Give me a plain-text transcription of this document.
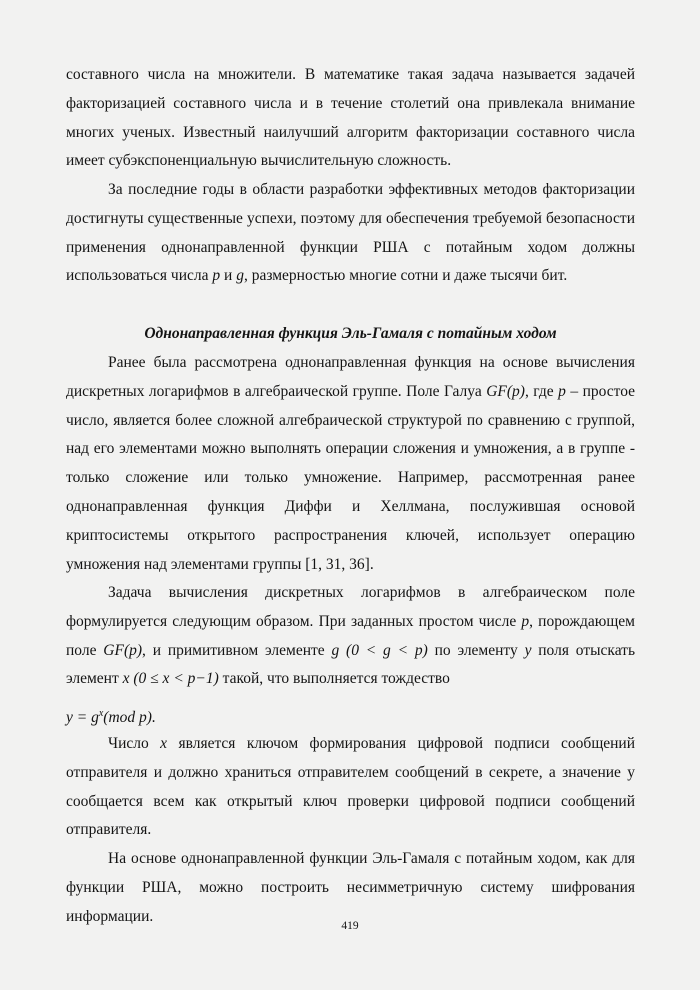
составного числа на множители. В математике такая задача называется задачей факторизацией составного числа и в течение столетий она привлекала внимание многих ученых. Известный наилучший алгоритм факторизации составного числа имеет субэкспоненциальную вычислительную сложность.

За последние годы в области разработки эффективных методов факторизации достигнуты существенные успехи, поэтому для обеспечения требуемой безопасности применения однонаправленной функции РША с потайным ходом должны использоваться числа p и g, размерностью многие сотни и даже тысячи бит.

Однонаправленная функция Эль-Гамаля с потайным ходом

Ранее была рассмотрена однонаправленная функция на основе вычисления дискретных логарифмов в алгебраической группе. Поле Галуа GF(p), где p – простое число, является более сложной алгебраической структурой по сравнению с группой, над его элементами можно выполнять операции сложения и умножения, а в группе - только сложение или только умножение. Например, рассмотренная ранее однонаправленная функция Диффи и Хеллмана, послужившая основой криптосистемы открытого распространения ключей, использует операцию умножения над элементами группы [1, 31, 36].

Задача вычисления дискретных логарифмов в алгебраическом поле формулируется следующим образом. При заданных простом числе p, порождающем поле GF(p), и примитивном элементе g (0 < g < p) по элементу y поля отыскать элемент x (0 ≤ x < p−1) такой, что выполняется тождество

$y = g^x(mod$ p).

Число x является ключом формирования цифровой подписи сообщений отправителя и должно храниться отправителем сообщений в секрете, а значение y сообщается всем как открытый ключ проверки цифровой подписи сообщений отправителя.

На основе однонаправленной функции Эль-Гамаля с потайным ходом, как для функции РША, можно построить несимметричную систему шифрования информации.

419
